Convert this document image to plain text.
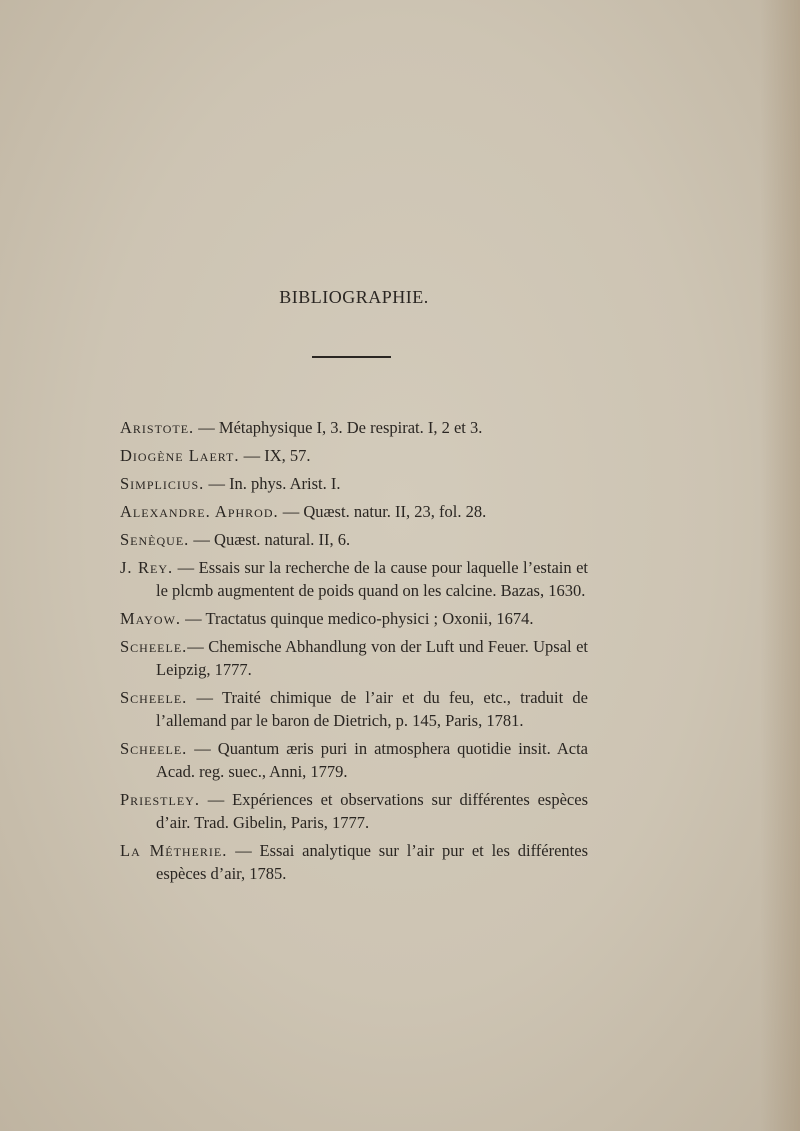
BIBLIOGRAPHIE.
Aristote. — Métaphysique I, 3. De respirat. I, 2 et 3.
Diogène Laert. — IX, 57.
Simplicius. — In. phys. Arist. I.
Alexandre. Aphrod. — Quæst. natur. II, 23, fol. 28.
Senèque. — Quæst. natural. II, 6.
J. Rey. — Essais sur la recherche de la cause pour laquelle l’estain et le plcmb augmentent de poids quand on les calcine. Bazas, 1630.
Mayow. — Tractatus quinque medico-physici ; Oxonii, 1674.
Scheele.— Chemische Abhandlung von der Luft und Feuer. Upsal et Leipzig, 1777.
Scheele. — Traité chimique de l’air et du feu, etc., traduit de l’allemand par le baron de Dietrich, p. 145, Paris, 1781.
Scheele. — Quantum æris puri in atmosphera quotidie insit. Acta Acad. reg. suec., Anni, 1779.
Priestley. — Expériences et observations sur différentes espèces d’air. Trad. Gibelin, Paris, 1777.
La Métherie. — Essai analytique sur l’air pur et les différentes espèces d’air, 1785.
